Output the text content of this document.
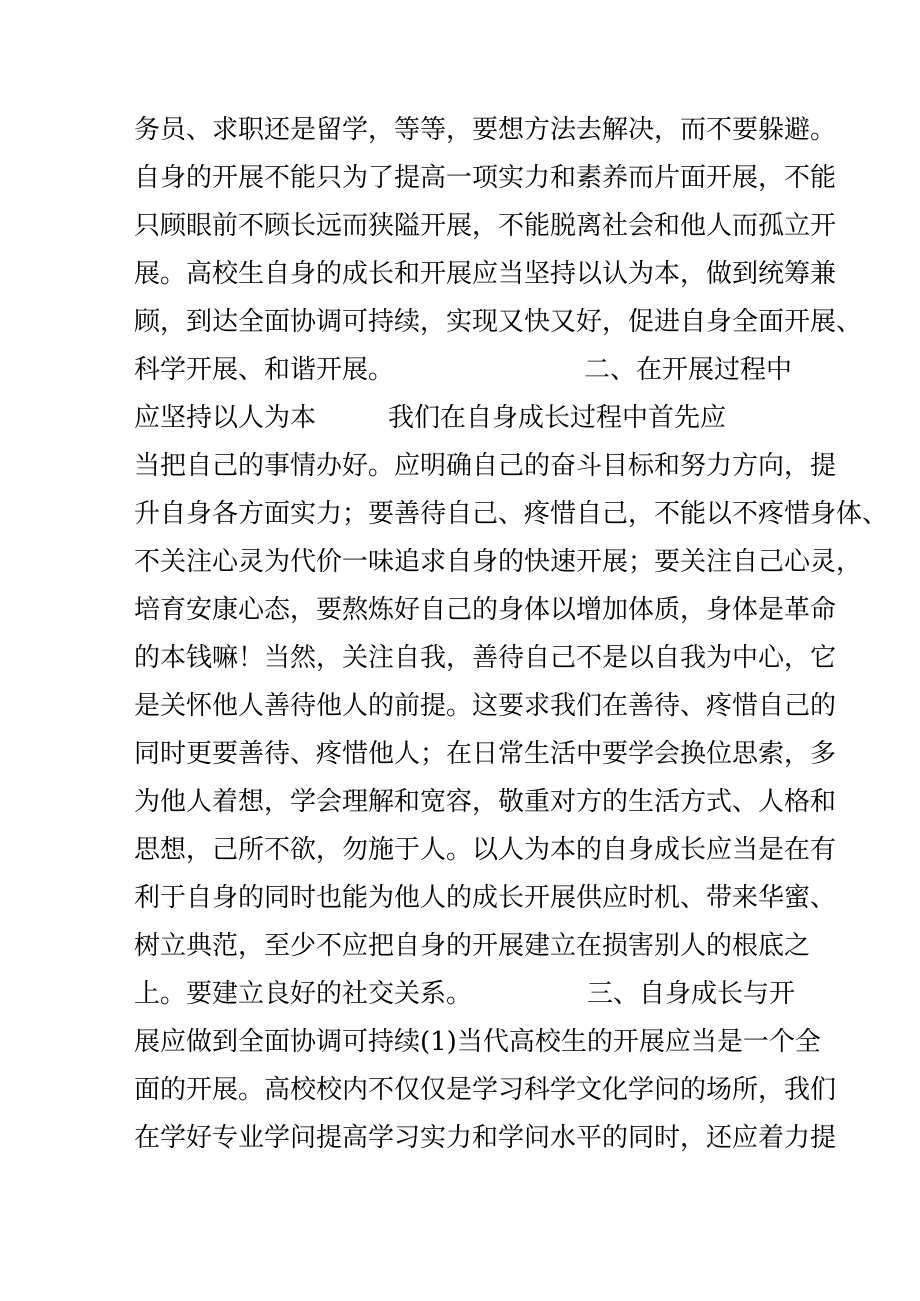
务员、求职还是留学，等等，要想方法去解决，而不要躲避。
自身的开展不能只为了提高一项实力和素养而片面开展，不能
只顾眼前不顾长远而狭隘开展，不能脱离社会和他人而孤立开
展。高校生自身的成长和开展应当坚持以认为本，做到统筹兼
顾，到达全面协调可持续，实现又快又好，促进自身全面开展、
科学开展、和谐开展。	二、在开展过程中
应坚持以人为本	我们在自身成长过程中首先应
当把自己的事情办好。应明确自己的奋斗目标和努力方向，提
升自身各方面实力；要善待自己、疼惜自己，不能以不疼惜身体、
不关注心灵为代价一味追求自身的快速开展；要关注自己心灵，
培育安康心态，要熬炼好自己的身体以增加体质，身体是革命
的本钱嘛！当然，关注自我，善待自己不是以自我为中心，它
是关怀他人善待他人的前提。这要求我们在善待、疼惜自己的
同时更要善待、疼惜他人；在日常生活中要学会换位思索，多
为他人着想，学会理解和宽容，敬重对方的生活方式、人格和
思想，己所不欲，勿施于人。以人为本的自身成长应当是在有
利于自身的同时也能为他人的成长开展供应时机、带来华蜜、
树立典范，至少不应把自身的开展建立在损害别人的根底之
上。要建立良好的社交关系。	三、自身成长与开
展应做到全面协调可持续(1)当代高校生的开展应当是一个全
面的开展。高校校内不仅仅是学习科学文化学问的场所，我们
在学好专业学问提高学习实力和学问水平的同时，还应着力提
